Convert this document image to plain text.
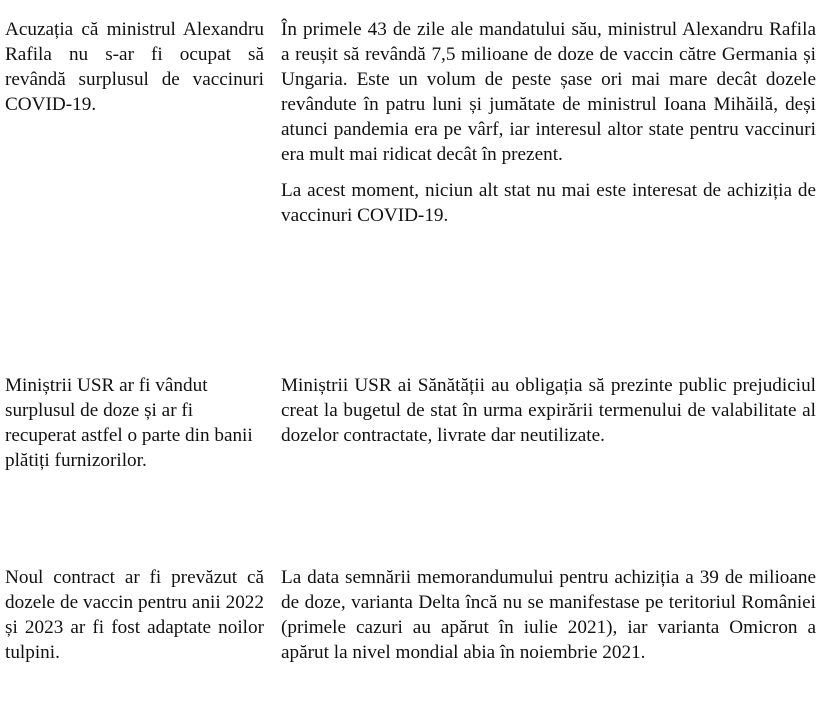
Acuzația că ministrul Alexandru Rafila nu s-ar fi ocupat să revândă surplusul de vaccinuri COVID-19.

În primele 43 de zile ale mandatului său, ministrul Alexandru Rafila a reușit să revândă 7,5 milioane de doze de vaccin către Germania și Ungaria. Este un volum de peste șase ori mai mare decât dozele revândute în patru luni și jumătate de ministrul Ioana Mihăilă, deși atunci pandemia era pe vârf, iar interesul altor state pentru vaccinuri era mult mai ridicat decât în prezent.

La acest moment, niciun alt stat nu mai este interesat de achiziția de vaccinuri COVID-19.

Miniștrii USR ar fi vândut surplusul de doze și ar fi recuperat astfel o parte din banii plătiți furnizorilor.

Miniștrii USR ai Sănătății au obligația să prezinte public prejudiciul creat la bugetul de stat în urma expirării termenului de valabilitate al dozelor contractate, livrate dar neutilizate.

Noul contract ar fi prevăzut că dozele de vaccin pentru anii 2022 și 2023 ar fi fost adaptate noilor tulpini.

La data semnării memorandumului pentru achiziția a 39 de milioane de doze, varianta Delta încă nu se manifestase pe teritoriul României (primele cazuri au apărut în iulie 2021), iar varianta Omicron a apărut la nivel mondial abia în noiembrie 2021.
